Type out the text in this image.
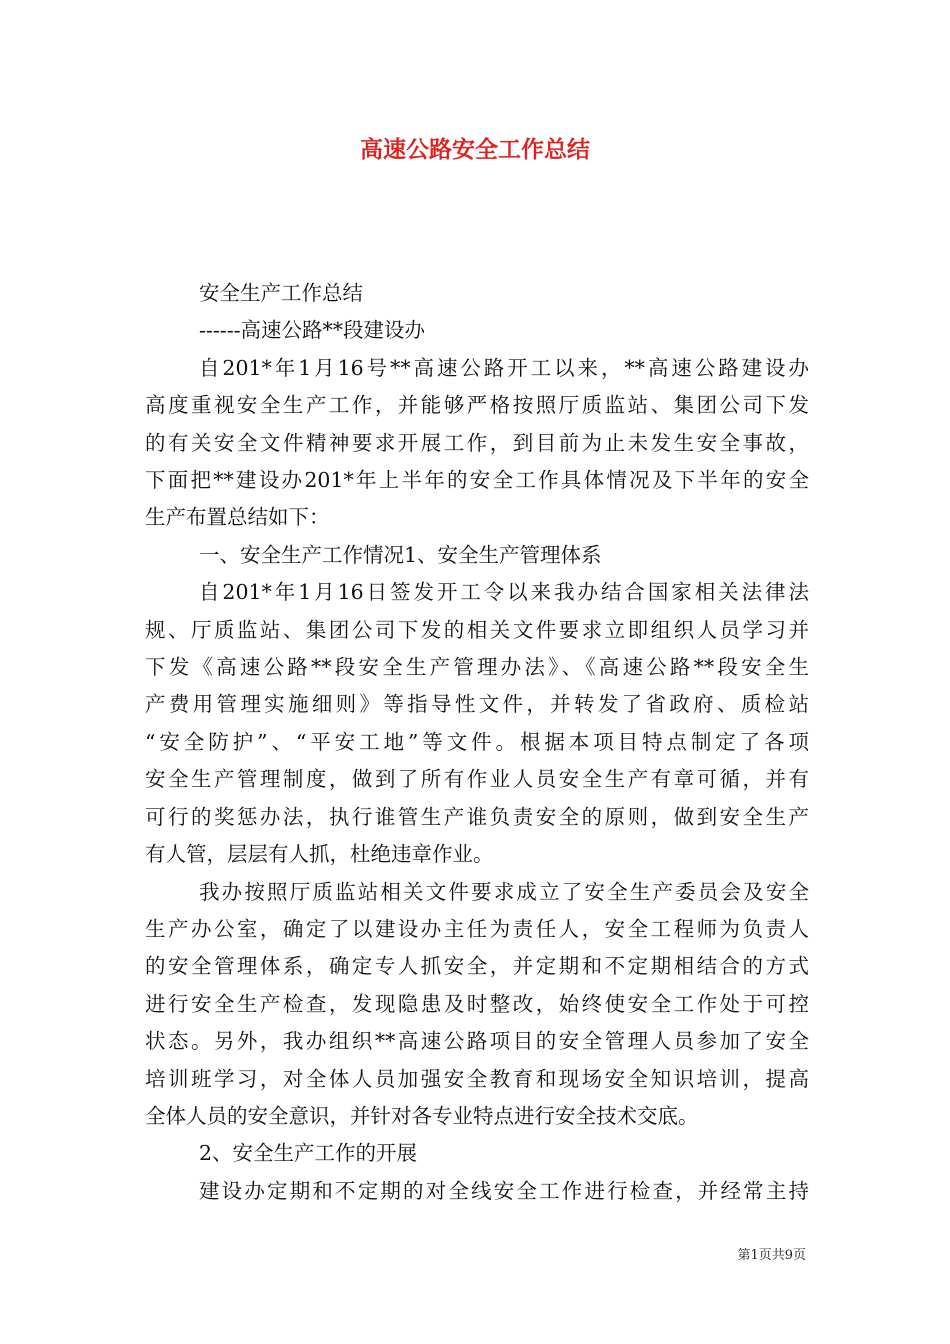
高速公路安全工作总结

安全生产工作总结

------高速公路**段建设办

自201*年1月16号**高速公路开工以来，**高速公路建设办

高度重视安全生产工作，并能够严格按照厅质监站、集团公司下发

的有关安全文件精神要求开展工作，到目前为止未发生安全事故，

下面把**建设办201*年上半年的安全工作具体情况及下半年的安全

生产布置总结如下：

一、安全生产工作情况1、安全生产管理体系

自201*年1月16日签发开工令以来我办结合国家相关法律法

规、厅质监站、集团公司下发的相关文件要求立即组织人员学习并

下发《高速公路**段安全生产管理办法》、《高速公路**段安全生

产费用管理实施细则》等指导性文件，并转发了省政府、质检站

“安全防护”、“平安工地”等文件。根据本项目特点制定了各项

安全生产管理制度，做到了所有作业人员安全生产有章可循，并有

可行的奖惩办法，执行谁管生产谁负责安全的原则，做到安全生产

有人管，层层有人抓，杜绝违章作业。

我办按照厅质监站相关文件要求成立了安全生产委员会及安全

生产办公室，确定了以建设办主任为责任人，安全工程师为负责人

的安全管理体系，确定专人抓安全，并定期和不定期相结合的方式

进行安全生产检查，发现隐患及时整改，始终使安全工作处于可控

状态。另外，我办组织**高速公路项目的安全管理人员参加了安全

培训班学习，对全体人员加强安全教育和现场安全知识培训，提高

全体人员的安全意识，并针对各专业特点进行安全技术交底。

2、安全生产工作的开展

建设办定期和不定期的对全线安全工作进行检查，并经常主持

第1页共9页
